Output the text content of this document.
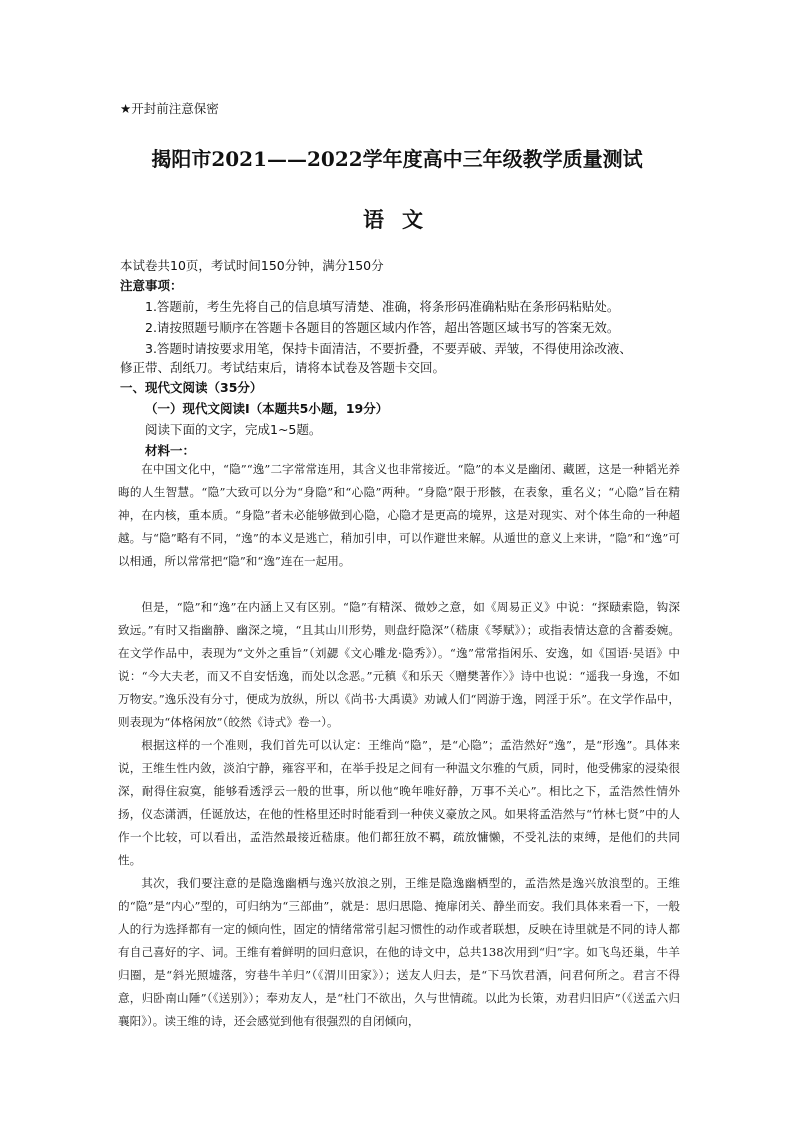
★开封前注意保密
揭阳市2021——2022学年度高中三年级教学质量测试
语文
本试卷共10页，考试时间150分钟，满分150分
注意事项：
1.答题前，考生先将自己的信息填写清楚、准确，将条形码准确粘贴在条形码粘贴处。
2.请按照题号顺序在答题卡各题目的答题区域内作答，超出答题区域书写的答案无效。
3.答题时请按要求用笔，保持卡面清洁，不要折叠，不要弄破、弄皱，不得使用涂改液、
修正带、刮纸刀。考试结束后，请将本试卷及答题卡交回。
一、现代文阅读（35分）
（一）现代文阅读Ⅰ（本题共5小题，19分）
阅读下面的文字，完成1~5题。
材料一：

在中国文化中，“隐”“逸”二字常常连用，其含义也非常接近。“隐”的本义是幽闭、藏匿，这是一种韬光养晦的人生智慧。“隐”大致可以分为“身隐”和“心隐”两种。“身隐”限于形骸，在表象，重名义；“心隐”旨在精神，在内核，重本质。“身隐”者未必能够做到心隐，心隐才是更高的境界，这是对现实、对个体生命的一种超越。与“隐”略有不同，“逸”的本义是逃亡，稍加引申，可以作避世来解。从遁世的意义上来讲，“隐”和“逸”可以相通，所以常常把“隐”和“逸”连在一起用。

但是，“隐”和“逸”在内涵上又有区别。“隐”有精深、微妙之意，如《周易正义》中说：“探赜索隐，钩深致远。”有时又指幽静、幽深之境，“且其山川形势，则盘纡隐深”（嵇康《琴赋》）；或指表情达意的含蓄委婉。在文学作品中，表现为“文外之重旨”（刘勰《文心雕龙·隐秀》）。“逸”常常指闲乐、安逸，如《国语·吴语》中说：“今大夫老，而又不自安恬逸，而处以念恶。”元稹《和乐天〈赠樊著作〉》诗中也说：“遥我一身逸，不如万物安。”逸乐没有分寸，便成为放纵，所以《尚书·大禹谟》劝诫人们“罔游于逸，罔淫于乐”。在文学作品中，则表现为“体格闲放”（皎然《诗式》卷一）。

根据这样的一个准则，我们首先可以认定：王维尚“隐”，是“心隐”；孟浩然好“逸”，是“形逸”。具体来说，王维生性内敛，淡泊宁静，雍容平和，在举手投足之间有一种温文尔雅的气质，同时，他受佛家的浸染很深，耐得住寂寞，能够看透浮云一般的世事，所以他“晚年唯好静，万事不关心”。相比之下，孟浩然性情外扬，仪态潇洒，任诞放达，在他的性格里还时时能看到一种侠义豪放之风。如果将孟浩然与“竹林七贤”中的人作一个比较，可以看出，孟浩然最接近嵇康。他们都狂放不羁，疏放慵懒，不受礼法的束缚，是他们的共同性。

其次，我们要注意的是隐逸幽栖与逸兴放浪之别，王维是隐逸幽栖型的，孟浩然是逸兴放浪型的。王维的“隐”是“内心”型的，可归纳为“三部曲”，就是：思归思隐、掩扉闭关、静坐而安。我们具体来看一下，一般人的行为选择都有一定的倾向性，固定的情绪常常引起习惯性的动作或者联想，反映在诗里就是不同的诗人都有自己喜好的字、词。王维有着鲜明的回归意识，在他的诗文中，总共138次用到“归”字。如飞鸟还巢，牛羊归圈，是“斜光照墟落，穷巷牛羊归”（《渭川田家》）；送友人归去，是“下马饮君酒，问君何所之。君言不得意，归卧南山陲”（《送别》）；奉劝友人，是“杜门不欲出，久与世情疏。以此为长策，劝君归旧庐”（《送孟六归襄阳》）。读王维的诗，还会感觉到他有很强烈的自闭倾向，
